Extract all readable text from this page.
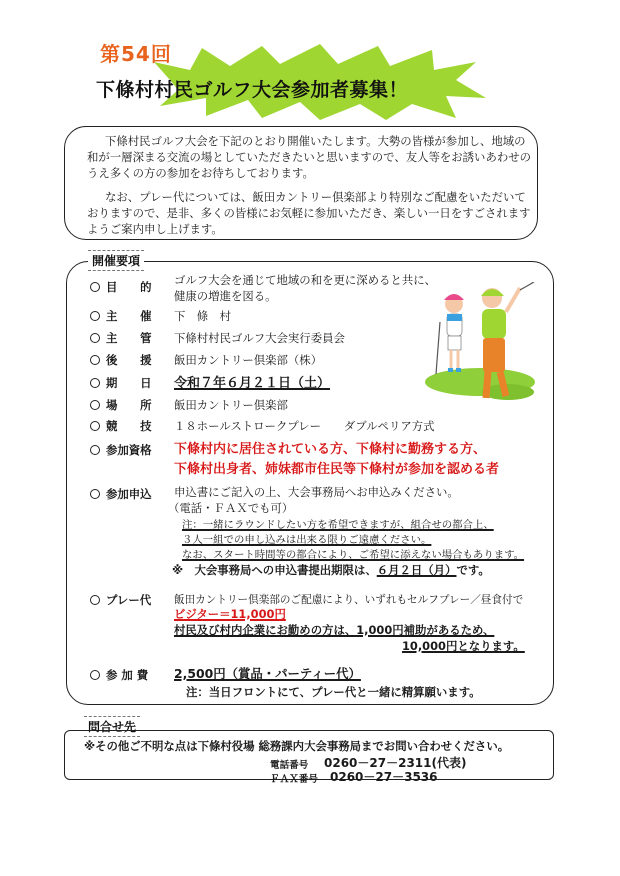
第54回
下條村村民ゴルフ大会参加者募集！

下條村民ゴルフ大会を下記のとおり開催いたします。大勢の皆様が参加し、地域の和が一層深まる交流の場としていただきたいと思いますので、友人等をお誘いあわせのうえ多くの方の参加をお待ちしております。

なお、プレー代については、飯田カントリー倶楽部より特別なご配慮をいただいておりますので、是非、多くの皆様にお気軽に参加いただき、楽しい一日をすごされますようご案内申し上げます。

開催要項
目　　的	ゴルフ大会を通じて地域の和を更に深めると共に、
健康の増進を図る。
主　　催	下　條　村
主　　管	下條村村民ゴルフ大会実行委員会
後　　援	飯田カントリー倶楽部（株）
期　　日	令和７年６月２１日（土）
場　　所	飯田カントリー倶楽部
競　　技	１８ホールストロークプレー　　ダブルペリア方式
参加資格	下條村内に居住されている方、下條村に勤務する方、
下條村出身者、姉妹都市住民等下條村が参加を認める者
参加申込	申込書にご記入の上、大会事務局へお申込みください。
（電話・ＦＡＸでも可）
注：一緒にラウンドしたい方を希望できますが、組合せの都合上、
３人一組での申し込みは出来る限りご遠慮ください。
なお、スタート時間等の都合により、ご希望に添えない場合もあります。
※　大会事務局への申込書提出期限は、６月２日（月）です。
プレー代	飯田カントリー倶楽部のご配慮により、いずれもセルフプレー／昼食付で
ビジター＝11,000円
村民及び村内企業にお勤めの方は、1,000円補助があるため、
10,000円となります。
参 加 費	2,500円（賞品・パーティー代）
注：当日フロントにて、プレー代と一緒に精算願います。
問合せ先
※その他ご不明な点は下條村役場 総務課内大会事務局までお問い合わせください。
電話番号 0260－27－2311(代表)
ＦＡＸ番号 0260－27－3536
